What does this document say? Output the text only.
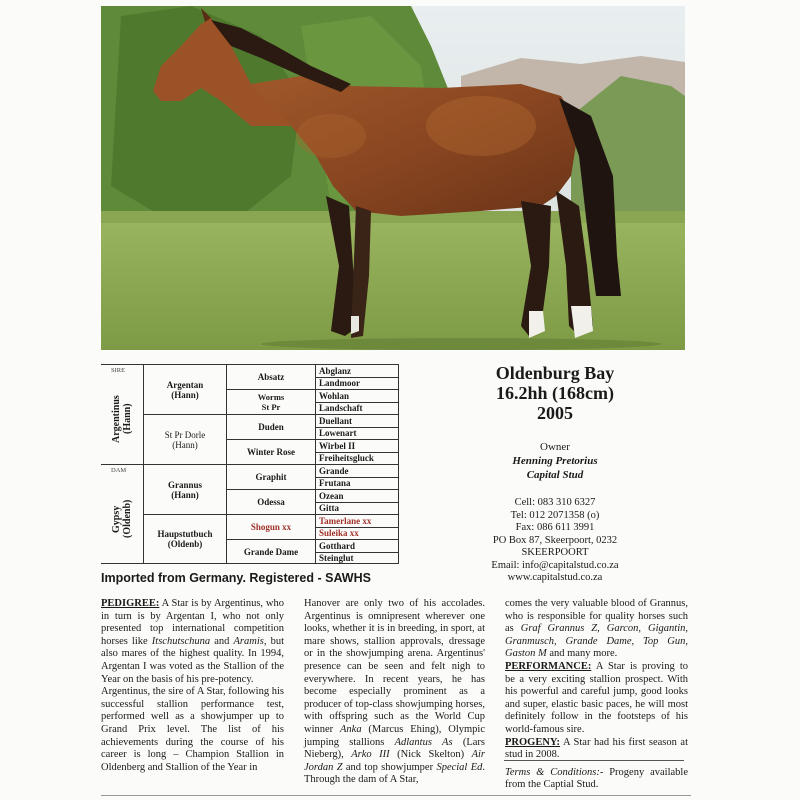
SIRE
DAM
Argentinus
(Hann)
Gypsy
(Oldenb)
Argentan
(Hann)
St Pr Dorle
(Hann)
Grannus
(Hann)
Haupstutbuch
(Oldenb)
Absatz
Worms
St Pr
Duden
Winter Rose
Graphit
Odessa
Shogun xx
Grande Dame
Abglanz
Landmoor
Wohlan
Landschaft
Duellant
Lowenart
Wirbel II
Freiheitsgluck
Grande
Frutana
Ozean
Gitta
Tamerlane xx
Suleika xx
Gotthard
Steinglut
Oldenburg Bay
16.2hh (168cm)
2005
Owner
Henning Pretorius
Capital Stud
Cell: 083 310 6327
Tel: 012 2071358 (o)
Fax: 086 611 3991
PO Box 87, Skeerpoort, 0232
SKEERPOORT
Email: info@capitalstud.co.za
www.capitalstud.co.za
Imported from Germany. Registered - SAWHS

PEDIGREE: A Star is by Argentinus, who in turn is by Argentan I, who not only presented top international competition horses like Itschutschuna and Aramis, but also mares of the highest quality. In 1994, Argentan I was voted as the Stallion of the Year on the basis of his pre-potency.

Argentinus, the sire of A Star, following his successful stallion performance test, performed well as a showjumper up to Grand Prix level. The list of his achievements during the course of his career is long – Champion Stallion in Oldenberg and Stallion of the Year in

Hanover are only two of his accolades. Argentinus is omnipresent wherever one looks, whether it is in breeding, in sport, at mare shows, stallion approvals, dressage or in the showjumping arena. Argentinus' presence can be seen and felt nigh to everywhere. In recent years, he has become especially prominent as a producer of top-class showjumping horses, with offspring such as the World Cup winner Anka (Marcus Ehing), Olympic jumping stallions Adlantus As (Lars Nieberg), Arko III (Nick Skelton) Air Jordan Z and top showjumper Special Ed. Through the dam of A Star,

comes the very valuable blood of Grannus, who is responsible for quality horses such as Graf Grannus Z, Garcon, Gigantin, Granmusch, Grande Dame, Top Gun, Gaston M and many more.

PERFORMANCE: A Star is proving to be a very exciting stallion prospect. With his powerful and careful jump, good looks and super, elastic basic paces, he will most definitely follow in the footsteps of his world-famous sire.

PROGENY: A Star had his first season at stud in 2008.

Terms & Conditions:- Progeny available from the Captial Stud.
